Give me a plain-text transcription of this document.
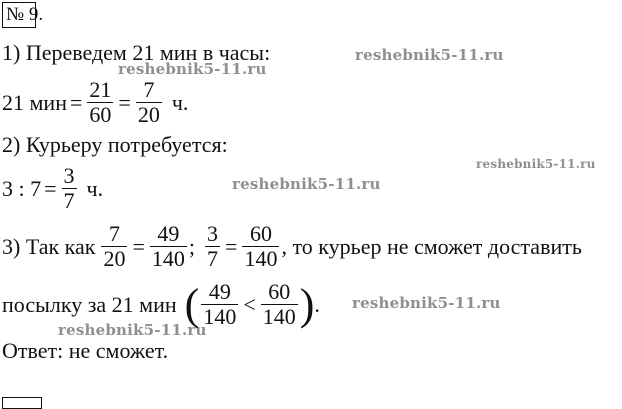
№ 9.
reshebnik5-11.ru
reshebnik5-11.ru
reshebnik5-11.ru
reshebnik5-11.ru
reshebnik5-11.ru
reshebnik5-11.ru
1) Переведем 21 мин в часы:
21 мин = $\frac{21}{60} = \frac{7}{20} ч$.
2) Курьеру потребуется:
3 : $7 = \frac{3}{7} ч$.
3) Так как $\frac{7}{20} = \frac{49}{140}$ ; $\frac{3}{7} = \frac{60}{140}$ , то курьер не сможет доставить
посылку за 21 мин ( $\frac{49}{140} < \frac{60}{140}$ ) .
Ответ: не сможет.
